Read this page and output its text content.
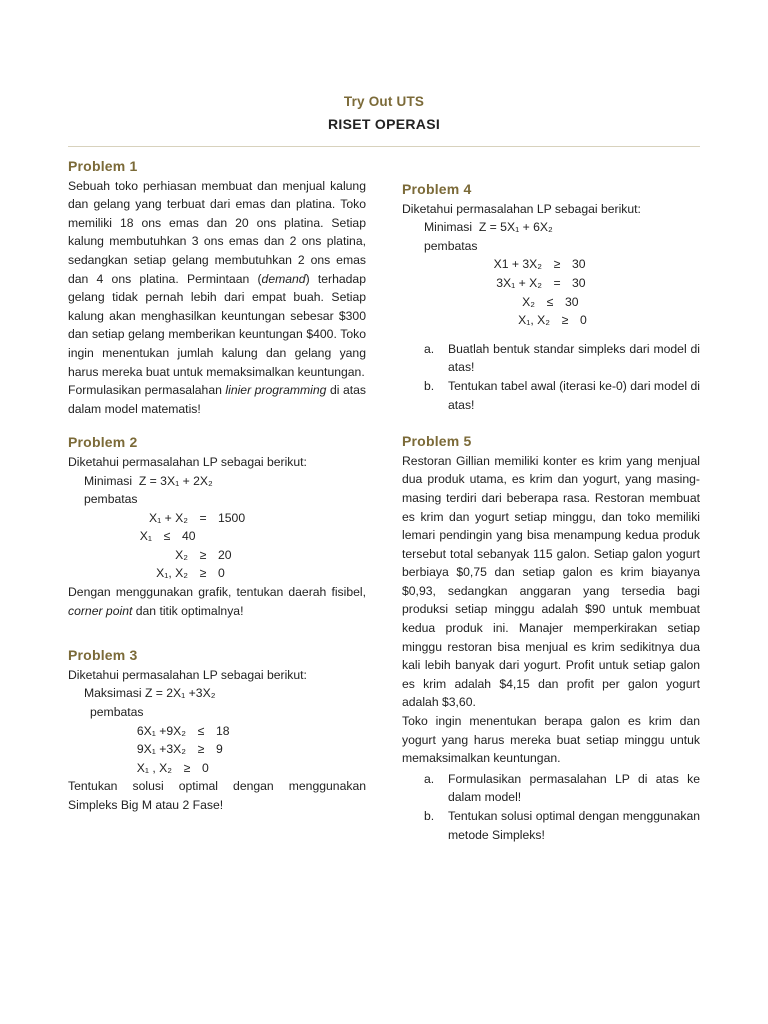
Try Out UTS
RISET OPERASI
Problem 1

Sebuah toko perhiasan membuat dan menjual kalung dan gelang yang terbuat dari emas dan platina. Toko memiliki 18 ons emas dan 20 ons platina. Setiap kalung membutuhkan 3 ons emas dan 2 ons platina, sedangkan setiap gelang membutuhkan 2 ons emas dan 4 ons platina. Permintaan (demand) terhadap gelang tidak pernah lebih dari empat buah. Setiap kalung akan menghasilkan keuntungan sebesar $300 dan setiap gelang memberikan keuntungan $400. Toko ingin menentukan jumlah kalung dan gelang yang harus mereka buat untuk memaksimalkan keuntungan.
Formulasikan permasalahan linier programming di atas dalam model matematis!

Problem 2

Diketahui permasalahan LP sebagai berikut:

Minimasi  Z = 3X₁ + 2X₂

pembatas

X₁ + X₂ = 1500
X₁ ≤ 40
X₂ ≥ 20
X₁, X₂ ≥ 0

Dengan menggunakan grafik, tentukan daerah fisibel, corner point dan titik optimalnya!

Problem 3

Diketahui permasalahan LP sebagai berikut:

Maksimasi Z = 2X₁ +3X₂

pembatas

6X₁ +9X₂ ≤ 18
9X₁ +3X₂ ≥ 9
X₁ , X₂ ≥ 0

Tentukan solusi optimal dengan menggunakan Simpleks Big M atau 2 Fase!

Problem 4

Diketahui permasalahan LP sebagai berikut:

Minimasi  Z = 5X₁ + 6X₂

pembatas

X1 + 3X₂ ≥ 30
3X₁ + X₂ = 30
X₂ ≤ 30
X₁, X₂ ≥ 0
a.	Buatlah bentuk standar simpleks dari model di atas!
b.	Tentukan tabel awal (iterasi ke-0) dari model di atas!
Problem 5

Restoran Gillian memiliki konter es krim yang menjual dua produk utama, es krim dan yogurt, yang masing-masing terdiri dari beberapa rasa. Restoran membuat es krim dan yogurt setiap minggu, dan toko memiliki lemari pendingin yang bisa menampung kedua produk tersebut total sebanyak 115 galon. Setiap galon yogurt berbiaya $0,75 dan setiap galon es krim biayanya $0,93, sedangkan anggaran yang tersedia bagi produksi setiap minggu adalah $90 untuk membuat kedua produk ini. Manajer memperkirakan setiap minggu restoran bisa menjual es krim sedikitnya dua kali lebih banyak dari yogurt. Profit untuk setiap galon es krim adalah $4,15 dan profit per galon yogurt adalah $3,60.

Toko ingin menentukan berapa galon es krim dan yogurt yang harus mereka buat setiap minggu untuk memaksimalkan keuntungan.

a.	Formulasikan permasalahan LP di atas ke dalam model!
b.	Tentukan solusi optimal dengan menggunakan metode Simpleks!
